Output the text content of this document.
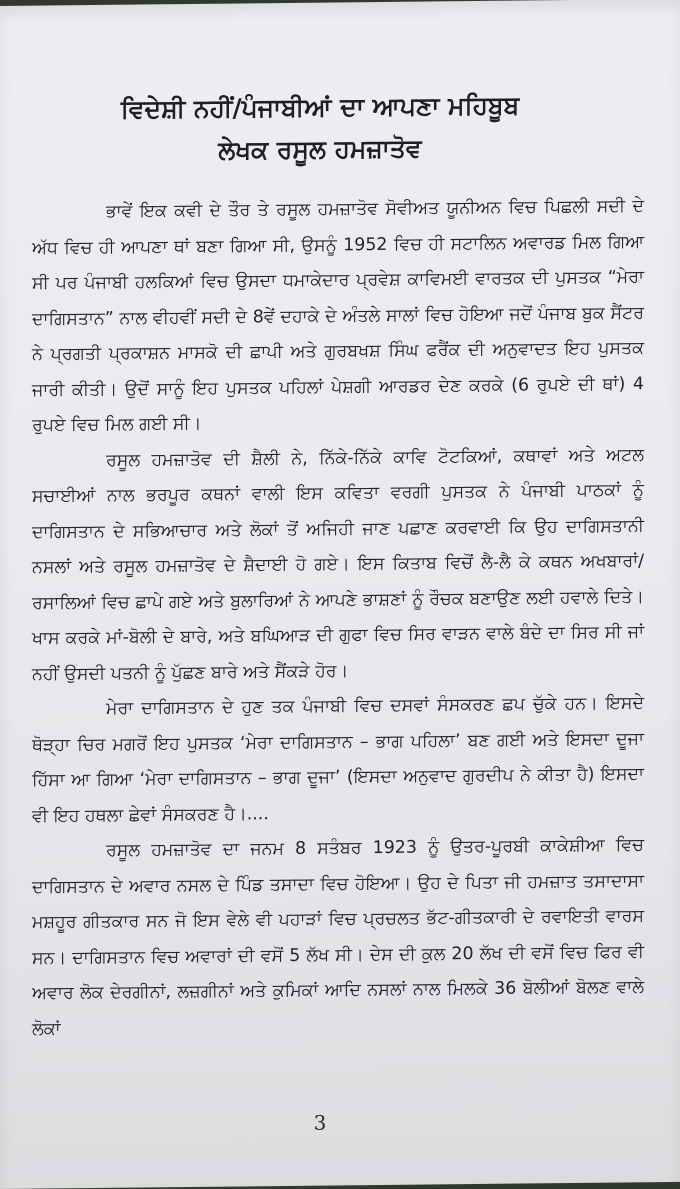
ਵਿਦੇਸ਼ੀ ਨਹੀਂ/ਪੰਜਾਬੀਆਂ ਦਾ ਆਪਣਾ ਮਹਿਬੂਬ
ਲੇਖਕ ਰਸੂਲ ਹਮਜ਼ਾਤੋਵ

ਭਾਵੇਂ ਇਕ ਕਵੀ ਦੇ ਤੌਰ ਤੇ ਰਸੂਲ ਹਮਜ਼ਾਤੋਵ ਸੋਵੀਅਤ ਯੂਨੀਅਨ ਵਿਚ ਪਿਛਲੀ ਸਦੀ ਦੇ ਅੱਧ ਵਿਚ ਹੀ ਆਪਣਾ ਥਾਂ ਬਣਾ ਗਿਆ ਸੀ, ਉਸਨੂੰ 1952 ਵਿਚ ਹੀ ਸਟਾਲਿਨ ਅਵਾਰਡ ਮਿਲ ਗਿਆ ਸੀ ਪਰ ਪੰਜਾਬੀ ਹਲਕਿਆਂ ਵਿਚ ਉਸਦਾ ਧਮਾਕੇਦਾਰ ਪ੍ਰਵੇਸ਼ ਕਾਵਿਮਈ ਵਾਰਤਕ ਦੀ ਪੁਸਤਕ “ਮੇਰਾ ਦਾਗਿਸਤਾਨ” ਨਾਲ ਵੀਹਵੀਂ ਸਦੀ ਦੇ 8ਵੇਂ ਦਹਾਕੇ ਦੇ ਅੰਤਲੇ ਸਾਲਾਂ ਵਿਚ ਹੋਇਆ ਜਦੋਂ ਪੰਜਾਬ ਬੁਕ ਸੈਂਟਰ ਨੇ ਪ੍ਰਗਤੀ ਪ੍ਰਕਾਸ਼ਨ ਮਾਸਕੋ ਦੀ ਛਾਪੀ ਅਤੇ ਗੁਰਬਖਸ਼ ਸਿੰਘ ਫਰੈਂਕ ਦੀ ਅਨੁਵਾਦਤ ਇਹ ਪੁਸਤਕ ਜਾਰੀ ਕੀਤੀ। ਉਦੋਂ ਸਾਨੂੰ ਇਹ ਪੁਸਤਕ ਪਹਿਲਾਂ ਪੇਸ਼ਗੀ ਆਰਡਰ ਦੇਣ ਕਰਕੇ (6 ਰੁਪਏ ਦੀ ਥਾਂ) 4 ਰੁਪਏ ਵਿਚ ਮਿਲ ਗਈ ਸੀ।

ਰਸੂਲ ਹਮਜ਼ਾਤੋਵ ਦੀ ਸ਼ੈਲੀ ਨੇ, ਨਿੱਕੇ-ਨਿੱਕੇ ਕਾਵਿ ਟੋਟਕਿਆਂ, ਕਥਾਵਾਂ ਅਤੇ ਅਟਲ ਸਚਾਈਆਂ ਨਾਲ ਭਰਪੂਰ ਕਥਨਾਂ ਵਾਲੀ ਇਸ ਕਵਿਤਾ ਵਰਗੀ ਪੁਸਤਕ ਨੇ ਪੰਜਾਬੀ ਪਾਠਕਾਂ ਨੂੰ ਦਾਗਿਸਤਾਨ ਦੇ ਸਭਿਆਚਾਰ ਅਤੇ ਲੋਕਾਂ ਤੋਂ ਅਜਿਹੀ ਜਾਣ ਪਛਾਣ ਕਰਵਾਈ ਕਿ ਉਹ ਦਾਗਿਸਤਾਨੀ ਨਸਲਾਂ ਅਤੇ ਰਸੂਲ ਹਮਜ਼ਾਤੋਵ ਦੇ ਸ਼ੈਦਾਈ ਹੋ ਗਏ। ਇਸ ਕਿਤਾਬ ਵਿਚੋਂ ਲੈ-ਲੈ ਕੇ ਕਥਨ ਅਖਬਾਰਾਂ/ਰਸਾਲਿਆਂ ਵਿਚ ਛਾਪੇ ਗਏ ਅਤੇ ਬੁਲਾਰਿਆਂ ਨੇ ਆਪਣੇ ਭਾਸ਼ਣਾਂ ਨੂੰ ਰੌਚਕ ਬਣਾਉਣ ਲਈ ਹਵਾਲੇ ਦਿਤੇ। ਖਾਸ ਕਰਕੇ ਮਾਂ-ਬੋਲੀ ਦੇ ਬਾਰੇ, ਅਤੇ ਬਘਿਆੜ ਦੀ ਗੁਫਾ ਵਿਚ ਸਿਰ ਵਾੜਨ ਵਾਲੇ ਬੰਦੇ ਦਾ ਸਿਰ ਸੀ ਜਾਂ ਨਹੀਂ ਉਸਦੀ ਪਤਨੀ ਨੂੰ ਪੁੱਛਣ ਬਾਰੇ ਅਤੇ ਸੈਂਕੜੇ ਹੋਰ।

ਮੇਰਾ ਦਾਗਿਸਤਾਨ ਦੇ ਹੁਣ ਤਕ ਪੰਜਾਬੀ ਵਿਚ ਦਸਵਾਂ ਸੰਸਕਰਣ ਛਪ ਚੁੱਕੇ ਹਨ। ਇਸਦੇ ਥੋੜ੍ਹਾ ਚਿਰ ਮਗਰੋਂ ਇਹ ਪੁਸਤਕ ‘ਮੇਰਾ ਦਾਗਿਸਤਾਨ – ਭਾਗ ਪਹਿਲਾ’ ਬਣ ਗਈ ਅਤੇ ਇਸਦਾ ਦੂਜਾ ਹਿੱਸਾ ਆ ਗਿਆ ‘ਮੇਰਾ ਦਾਗਿਸਤਾਨ – ਭਾਗ ਦੂਜਾ’ (ਇਸਦਾ ਅਨੁਵਾਦ ਗੁਰਦੀਪ ਨੇ ਕੀਤਾ ਹੈ) ਇਸਦਾ ਵੀ ਇਹ ਹਥਲਾ ਛੇਵਾਂ ਸੰਸਕਰਣ ਹੈ।....

ਰਸੂਲ ਹਮਜ਼ਾਤੋਵ ਦਾ ਜਨਮ 8 ਸਤੰਬਰ 1923 ਨੂੰ ਉਤਰ-ਪੂਰਬੀ ਕਾਕੇਸ਼ੀਆ ਵਿਚ ਦਾਗਿਸਤਾਨ ਦੇ ਅਵਾਰ ਨਸਲ ਦੇ ਪਿੰਡ ਤਸਾਦਾ ਵਿਚ ਹੋਇਆ। ਉਹ ਦੇ ਪਿਤਾ ਜੀ ਹਮਜ਼ਾਤ ਤਸਾਦਾਸਾ ਮਸ਼ਹੂਰ ਗੀਤਕਾਰ ਸਨ ਜੋ ਇਸ ਵੇਲੇ ਵੀ ਪਹਾੜਾਂ ਵਿਚ ਪ੍ਰਚਲਤ ਭੱਟ-ਗੀਤਕਾਰੀ ਦੇ ਰਵਾਇਤੀ ਵਾਰਸ ਸਨ। ਦਾਗਿਸਤਾਨ ਵਿਚ ਅਵਾਰਾਂ ਦੀ ਵਸੋਂ 5 ਲੱਖ ਸੀ। ਦੇਸ ਦੀ ਕੁਲ 20 ਲੱਖ ਦੀ ਵਸੋਂ ਵਿਚ ਫਿਰ ਵੀ ਅਵਾਰ ਲੋਕ ਦੇਰਗੀਨਾਂ, ਲਜ਼ਗੀਨਾਂ ਅਤੇ ਕੁਮਿਕਾਂ ਆਦਿ ਨਸਲਾਂ ਨਾਲ ਮਿਲਕੇ 36 ਬੋਲੀਆਂ ਬੋਲਣ ਵਾਲੇ ਲੋਕਾਂ

3
